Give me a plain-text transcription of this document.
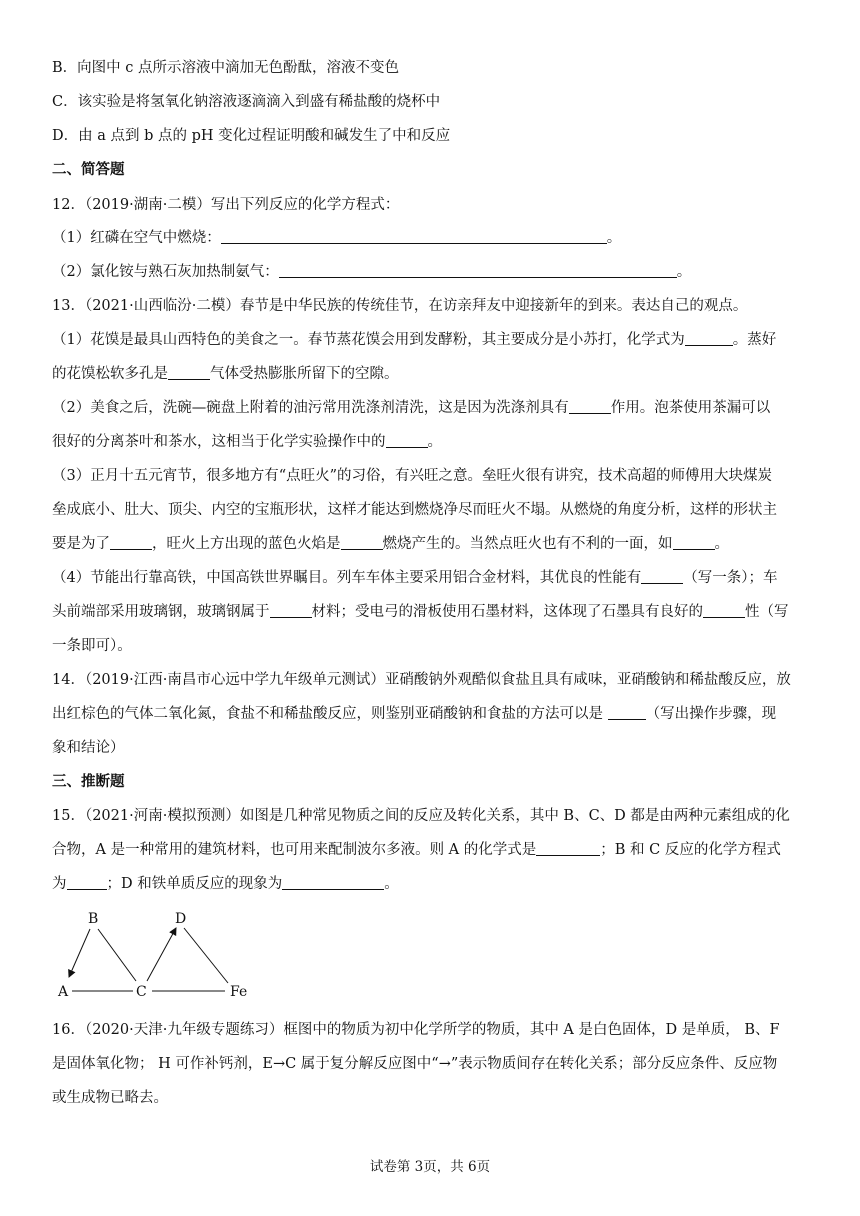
B．向图中 c 点所示溶液中滴加无色酚酞，溶液不变色
C．该实验是将氢氧化钠溶液逐滴滴入到盛有稀盐酸的烧杯中
D．由 a 点到 b 点的 pH 变化过程证明酸和碱发生了中和反应
二、简答题
12．（2019·湖南·二模）写出下列反应的化学方程式：
（1）红磷在空气中燃烧：	。
（2）氯化铵与熟石灰加热制氨气：	。
13．（2021·山西临汾·二模）春节是中华民族的传统佳节，在访亲拜友中迎接新年的到来。表达自己的观点。
（1）花馍是最具山西特色的美食之一。春节蒸花馍会用到发酵粉，其主要成分是小苏打，化学式为	。蒸好
的花馍松软多孔是	气体受热膨胀所留下的空隙。
（2）美食之后，洗碗—碗盘上附着的油污常用洗涤剂清洗，这是因为洗涤剂具有	作用。泡茶使用茶漏可以
很好的分离茶叶和茶水，这相当于化学实验操作中的	。
（3）正月十五元宵节，很多地方有“点旺火”的习俗，有兴旺之意。垒旺火很有讲究，技术高超的师傅用大块煤炭
垒成底小、肚大、顶尖、内空的宝瓶形状，这样才能达到燃烧净尽而旺火不塌。从燃烧的角度分析，这样的形状主
要是为了	，旺火上方出现的蓝色火焰是	燃烧产生的。当然点旺火也有不利的一面，如	。
（4）节能出行靠高铁，中国高铁世界瞩目。列车车体主要采用铝合金材料，其优良的性能有	（写一条）；车
头前端部采用玻璃钢，玻璃钢属于	材料；受电弓的滑板使用石墨材料，这体现了石墨具有良好的	性（写
一条即可）。
14．（2019·江西·南昌市心远中学九年级单元测试）亚硝酸钠外观酷似食盐且具有咸味，亚硝酸钠和稀盐酸反应，放
出红棕色的气体二氧化氮，食盐不和稀盐酸反应，则鉴别亚硝酸钠和食盐的方法可以是	（写出操作步骤，现
象和结论）
三、推断题
15．（2021·河南·模拟预测）如图是几种常见物质之间的反应及转化关系，其中 B、C、D 都是由两种元素组成的化
合物，A 是一种常用的建筑材料，也可用来配制波尔多液。则 A 的化学式是	；B 和 C 反应的化学方程式
为	；D 和铁单质反应的现象为	。
B	D
A	C	Fe
16．（2020·天津·九年级专题练习）框图中的物质为初中化学所学的物质，其中 A 是白色固体，D 是单质， B、F
是固体氧化物； H 可作补钙剂，E→C 属于复分解反应图中“→”表示物质间存在转化关系；部分反应条件、反应物
或生成物已略去。
试卷第 3页，共 6页
